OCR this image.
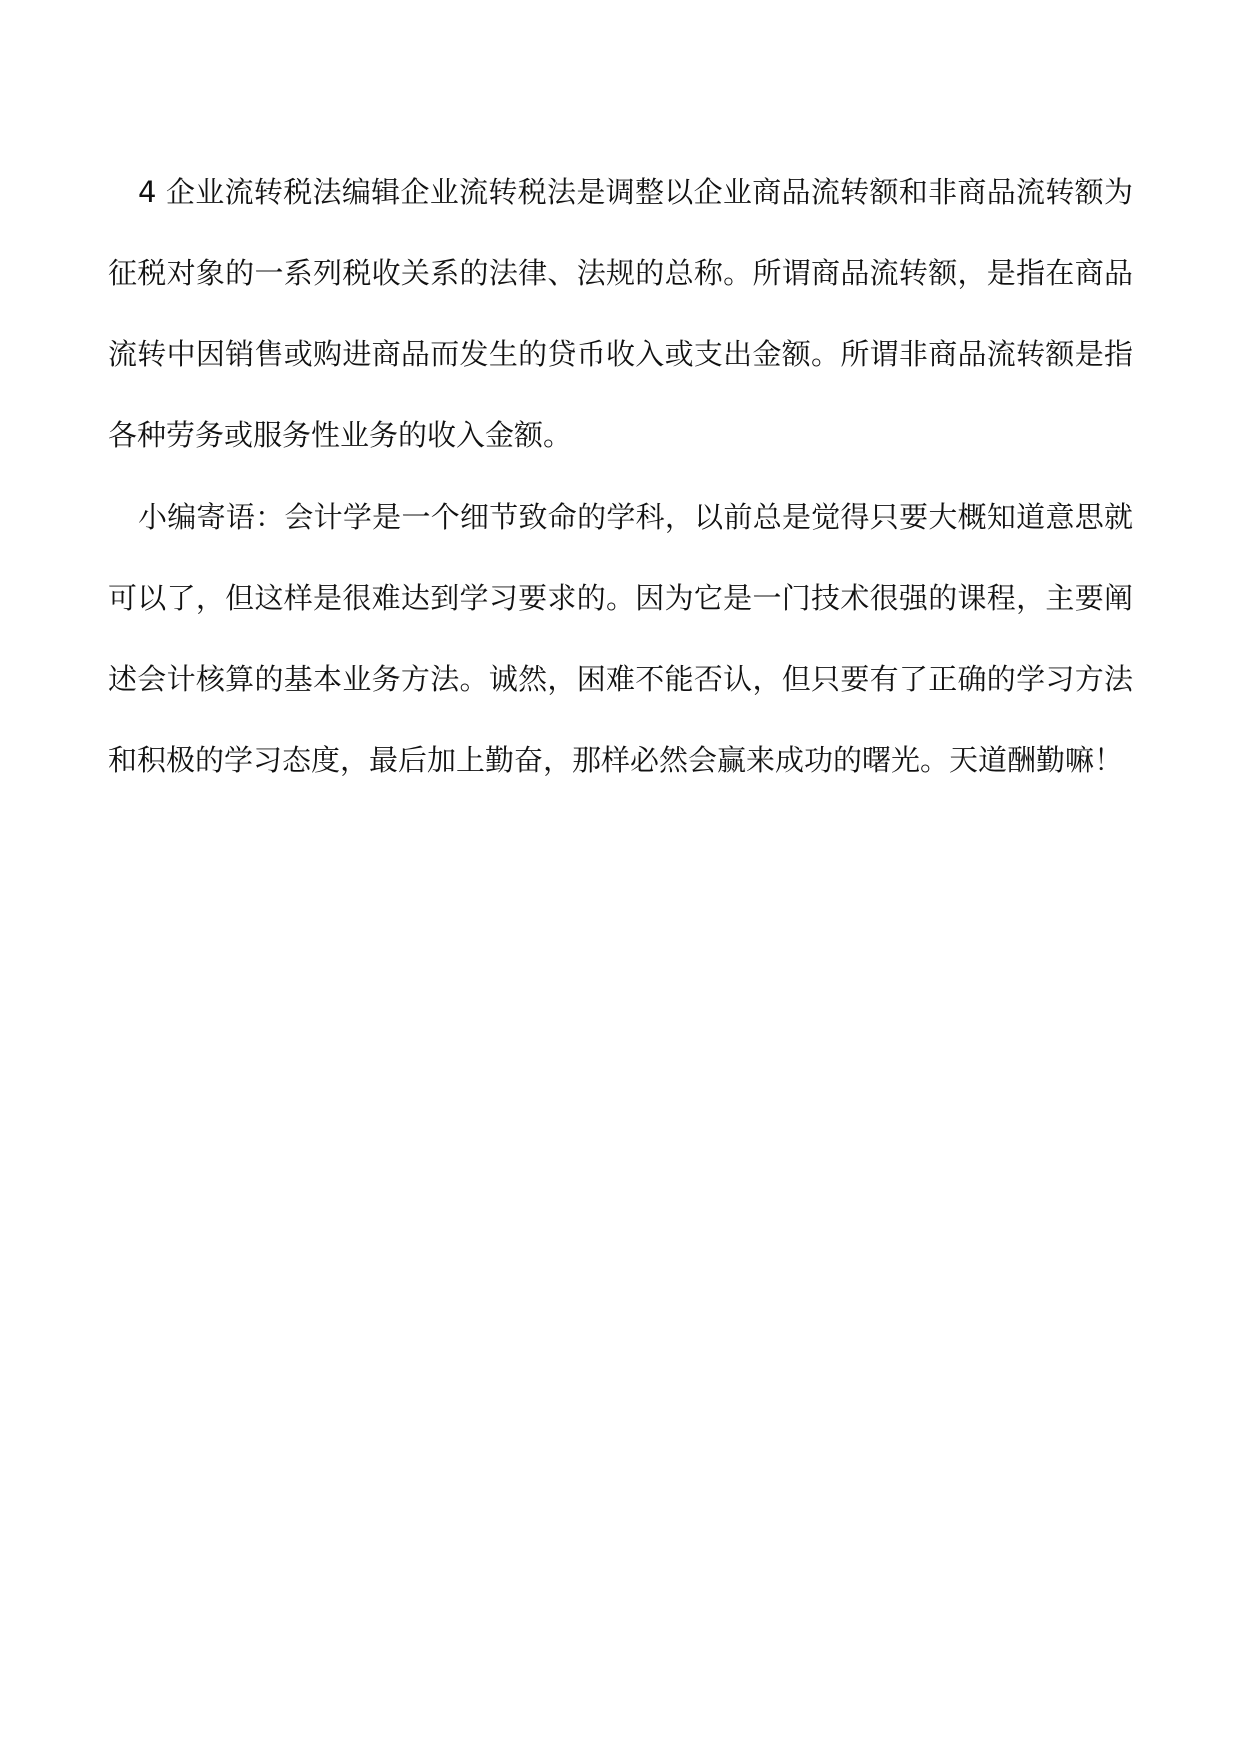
4 企业流转税法编辑企业流转税法是调整以企业商品流转额和非商品流转额为
征税对象的一系列税收关系的法律、法规的总称。所谓商品流转额，是指在商品
流转中因销售或购进商品而发生的贷币收入或支出金额。所谓非商品流转额是指
各种劳务或服务性业务的收入金额。
小编寄语：会计学是一个细节致命的学科，以前总是觉得只要大概知道意思就
可以了，但这样是很难达到学习要求的。因为它是一门技术很强的课程，主要阐
述会计核算的基本业务方法。诚然，困难不能否认，但只要有了正确的学习方法
和积极的学习态度，最后加上勤奋，那样必然会赢来成功的曙光。天道酬勤嘛！
